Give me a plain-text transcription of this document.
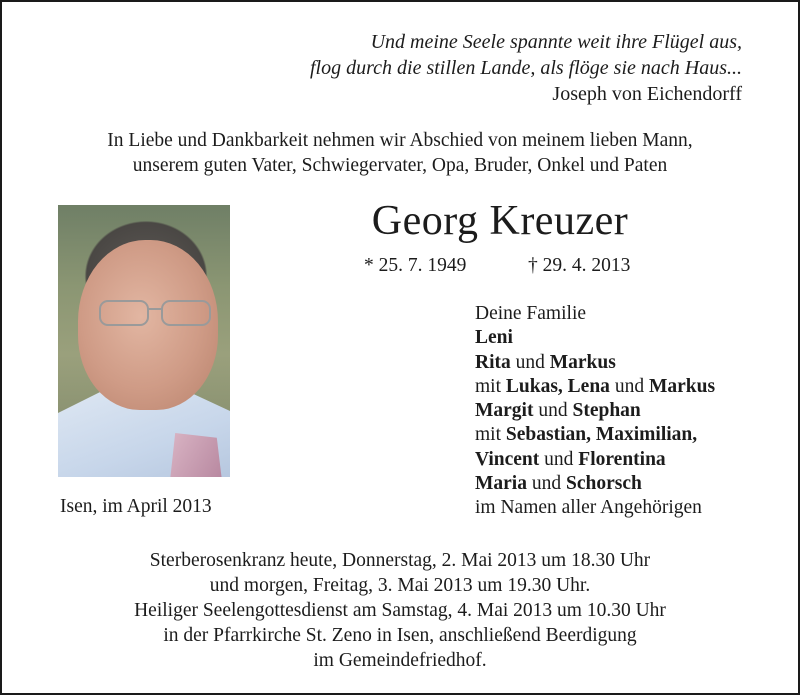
Und meine Seele spannte weit ihre Flügel aus,
flog durch die stillen Lande, als flöge sie nach Haus...
Joseph von Eichendorff
In Liebe und Dankbarkeit nehmen wir Abschied von meinem lieben Mann,
unserem guten Vater, Schwiegervater, Opa, Bruder, Onkel und Paten
Georg Kreuzer
* 25. 7. 1949	† 29. 4. 2013
Deine Familie
Leni
Rita und Markus
mit Lukas, Lena und Markus
Margit und Stephan
mit Sebastian, Maximilian,
Vincent und Florentina
Maria und Schorsch
im Namen aller Angehörigen
Isen, im April 2013
Sterberosenkranz heute, Donnerstag, 2. Mai 2013 um 18.30 Uhr
und morgen, Freitag, 3. Mai 2013 um 19.30 Uhr.
Heiliger Seelengottesdienst am Samstag, 4. Mai 2013 um 10.30 Uhr
in der Pfarrkirche St. Zeno in Isen, anschließend Beerdigung
im Gemeindefriedhof.
